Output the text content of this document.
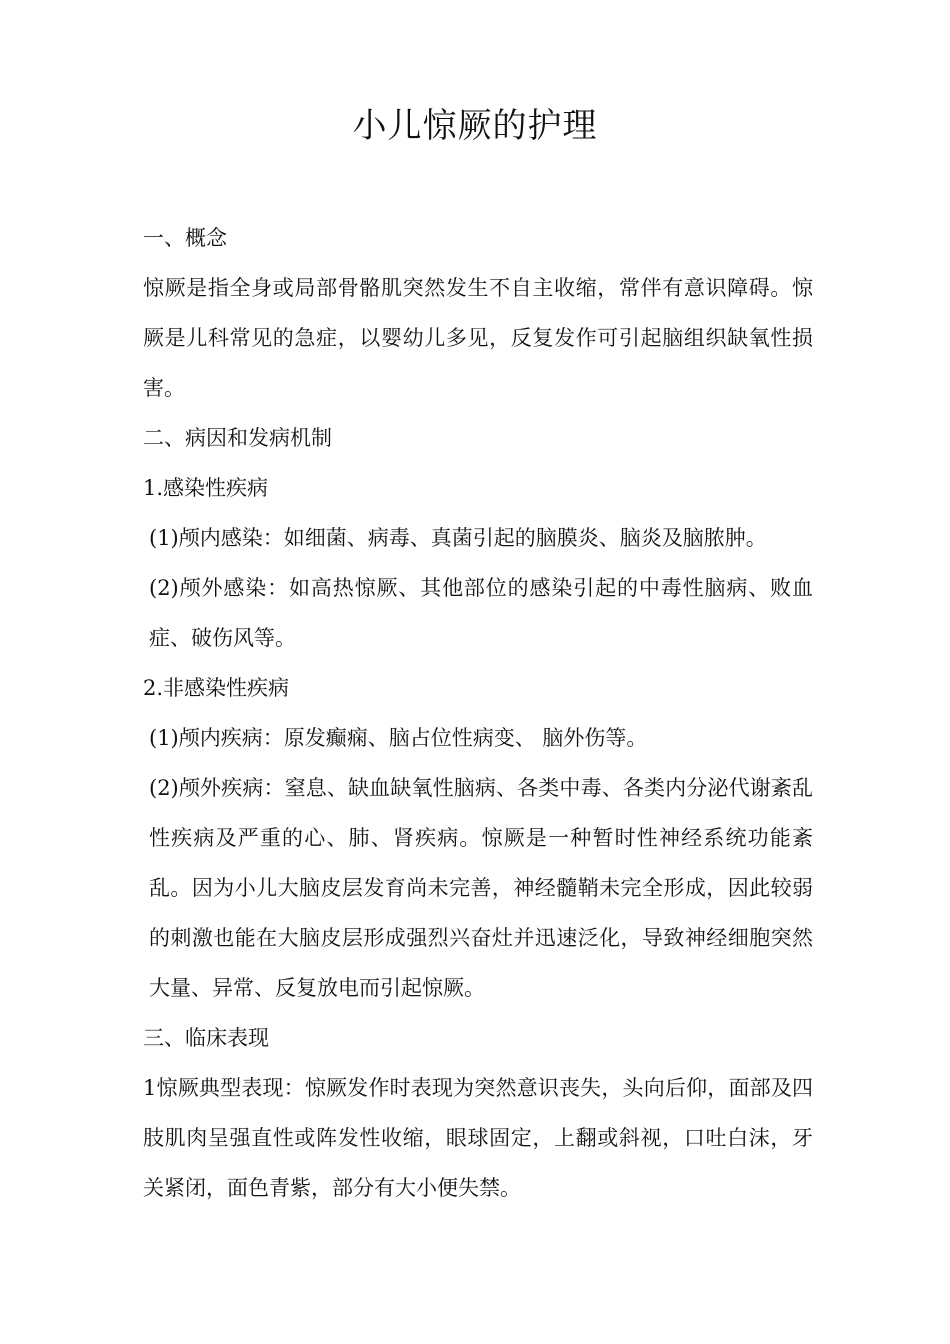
小儿惊厥的护理

一、概念

惊厥是指全身或局部骨骼肌突然发生不自主收缩，常伴有意识障碍。惊厥是儿科常见的急症，以婴幼儿多见，反复发作可引起脑组织缺氧性损害。

二、病因和发病机制

1.感染性疾病

(1)颅内感染：如细菌、病毒、真菌引起的脑膜炎、脑炎及脑脓肿。

(2)颅外感染：如高热惊厥、其他部位的感染引起的中毒性脑病、败血症、破伤风等。

2.非感染性疾病

(1)颅内疾病：原发癫痫、脑占位性病变、 脑外伤等。

(2)颅外疾病：窒息、缺血缺氧性脑病、各类中毒、各类内分泌代谢紊乱性疾病及严重的心、肺、肾疾病。惊厥是一种暂时性神经系统功能紊乱。因为小儿大脑皮层发育尚未完善，神经髓鞘未完全形成，因此较弱的刺激也能在大脑皮层形成强烈兴奋灶并迅速泛化，导致神经细胞突然大量、异常、反复放电而引起惊厥。

三、临床表现

1惊厥典型表现：惊厥发作时表现为突然意识丧失，头向后仰，面部及四肢肌肉呈强直性或阵发性收缩，眼球固定，上翻或斜视，口吐白沫，牙关紧闭，面色青紫，部分有大小便失禁。
